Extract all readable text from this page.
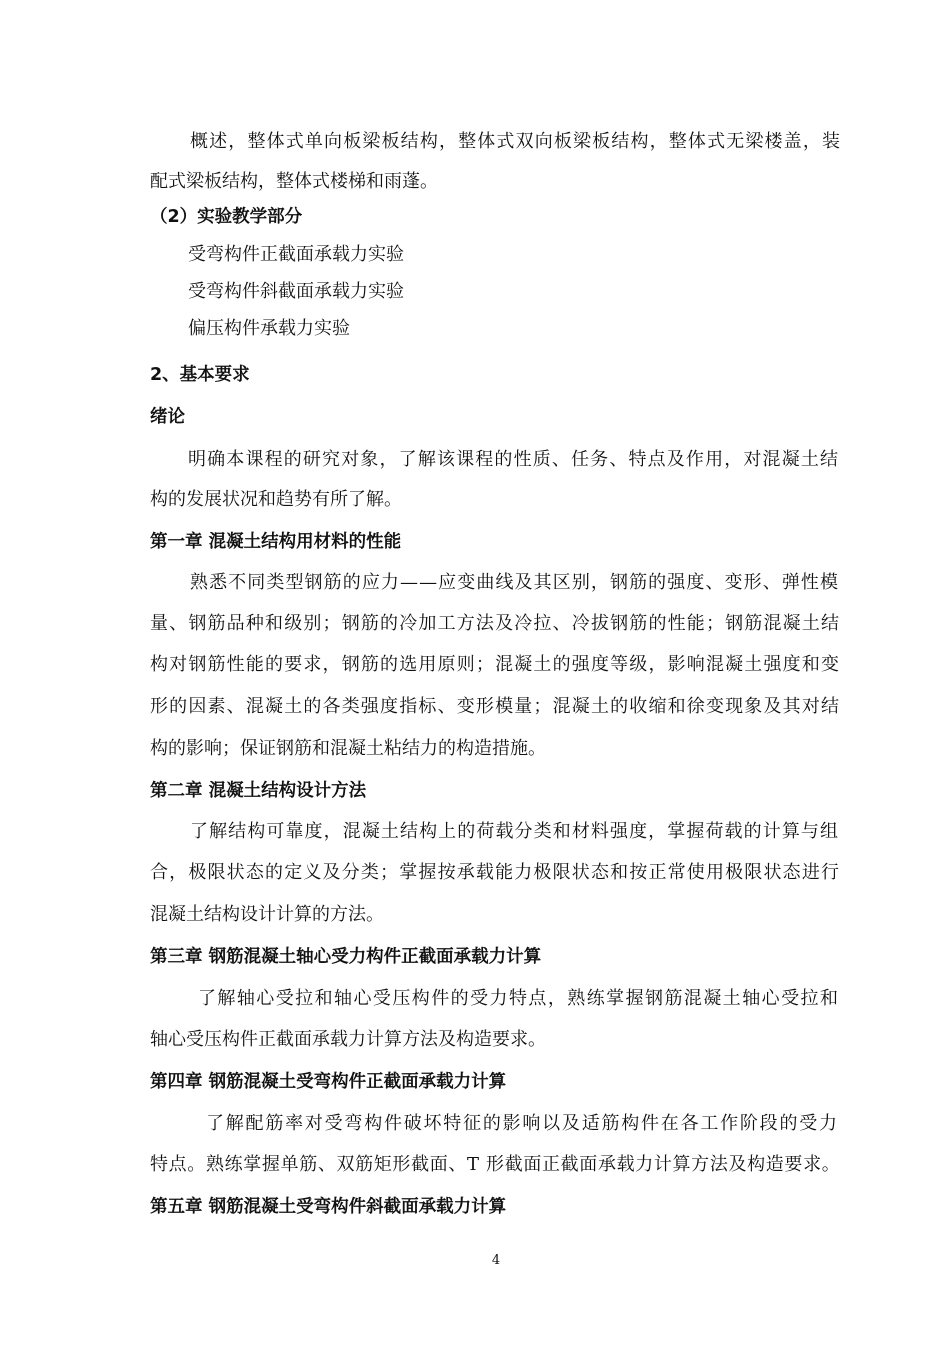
概述，整体式单向板梁板结构，整体式双向板梁板结构，整体式无梁楼盖，装
配式梁板结构，整体式楼梯和雨蓬。
（2）实验教学部分
受弯构件正截面承载力实验
受弯构件斜截面承载力实验
偏压构件承载力实验
2、基本要求
绪论
明确本课程的研究对象，了解该课程的性质、任务、特点及作用，对混凝土结
构的发展状况和趋势有所了解。
第一章 混凝土结构用材料的性能
熟悉不同类型钢筋的应力——应变曲线及其区别，钢筋的强度、变形、弹性模
量、钢筋品种和级别；钢筋的冷加工方法及冷拉、冷拔钢筋的性能；钢筋混凝土结
构对钢筋性能的要求，钢筋的选用原则；混凝土的强度等级，影响混凝土强度和变
形的因素、混凝土的各类强度指标、变形模量；混凝土的收缩和徐变现象及其对结
构的影响；保证钢筋和混凝土粘结力的构造措施。
第二章 混凝土结构设计方法
了解结构可靠度，混凝土结构上的荷载分类和材料强度，掌握荷载的计算与组
合，极限状态的定义及分类；掌握按承载能力极限状态和按正常使用极限状态进行
混凝土结构设计计算的方法。
第三章 钢筋混凝土轴心受力构件正截面承载力计算
了解轴心受拉和轴心受压构件的受力特点，熟练掌握钢筋混凝土轴心受拉和
轴心受压构件正截面承载力计算方法及构造要求。
第四章 钢筋混凝土受弯构件正截面承载力计算
了解配筋率对受弯构件破坏特征的影响以及适筋构件在各工作阶段的受力
特点。熟练掌握单筋、双筋矩形截面、T 形截面正截面承载力计算方法及构造要求。
第五章 钢筋混凝土受弯构件斜截面承载力计算
4
